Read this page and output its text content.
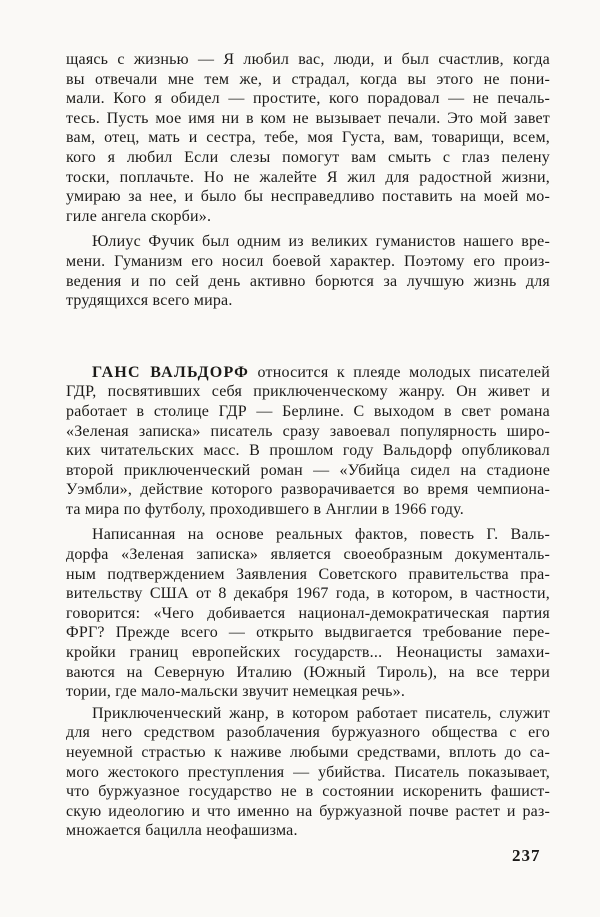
щаясь с жизнью — Я любил вас, люди, и был счастлив, когда
вы отвечали мне тем же, и страдал, когда вы этого не пони-
мали. Кого я обидел — простите, кого порадовал — не печаль-
тесь. Пусть мое имя ни в ком не вызывает печали. Это мой завет
вам, отец, мать и сестра, тебе, моя Густа, вам, товарищи, всем,
кого я любил Если слезы помогут вам смыть с глаз пелену
тоски, поплачьте. Но не жалейте Я жил для радостной жизни,
умираю за нее, и было бы несправедливо поставить на моей мо-
гиле ангела скорби».
Юлиус Фучик был одним из великих гуманистов нашего вре-
мени. Гуманизм его носил боевой характер. Поэтому его произ-
ведения и по сей день активно борются за лучшую жизнь для
трудящихся всего мира.
ГАНС ВАЛЬДОРФ относится к плеяде молодых писателей
ГДР, посвятивших себя приключенческому жанру. Он живет и
работает в столице ГДР — Берлине. С выходом в свет романа
«Зеленая записка» писатель сразу завоевал популярность широ-
ких читательских масс. В прошлом году Вальдорф опубликовал
второй приключенческий роман — «Убийца сидел на стадионе
Уэмбли», действие которого разворачивается во время чемпиона-
та мира по футболу, проходившего в Англии в 1966 году.
Написанная на основе реальных фактов, повесть Г. Валь-
дорфа «Зеленая записка» является своеобразным документаль-
ным подтверждением Заявления Советского правительства пра-
вительству США от 8 декабря 1967 года, в котором, в частности,
говорится: «Чего добивается национал-демократическая партия
ФРГ? Прежде всего — открыто выдвигается требование пере-
кройки границ европейских государств... Неонацисты замахи-
ваются на Северную Италию (Южный Тироль), на все терри
тории, где мало-мальски звучит немецкая речь».
Приключенческий жанр, в котором работает писатель, служит
для него средством разоблачения буржуазного общества с его
неуемной страстью к наживе любыми средствами, вплоть до са-
мого жестокого преступления — убийства. Писатель показывает,
что буржуазное государство не в состоянии искоренить фашист-
скую идеологию и что именно на буржуазной почве растет и раз-
множается бацилла неофашизма.
237
